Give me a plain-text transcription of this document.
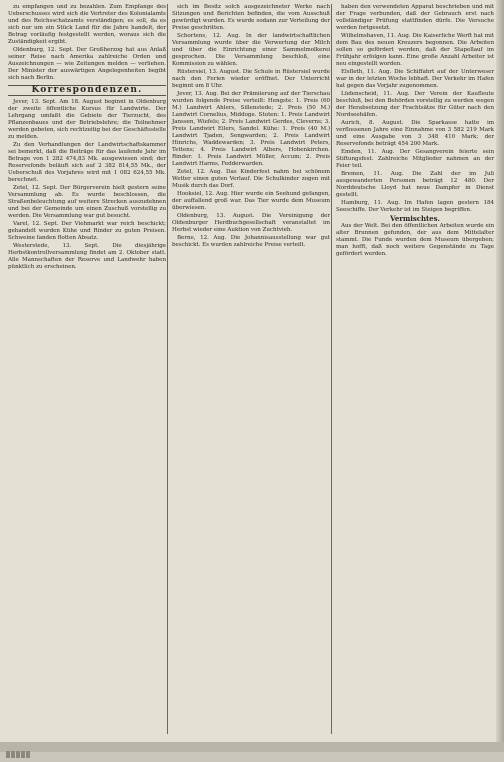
zu empfangen und zu bezahlen. Zum Empfange des Ueberschusses wird sich die Vertreter des Kolonialamts und des Reichsschatzamts verständigen; es soll, da es sich nur um ein Stück Land für die Jahre handelt, der Betrag vorläufig festgestellt werden, woraus sich die Zuständigkeit ergibt.

Oldenburg, 12. Sept. Der Großherzog hat aus Anlaß seiner Reise nach Amerika zahlreiche Orden und Auszeichnungen — wie Zeitungen melden — verliehen. Der Minister der auswärtigen Angelegenheiten begibt sich nach Berlin.

Korrespondenzen.

Jever, 13. Sept. Am 18. August beginnt in Oldenburg der zweite öffentliche Kursus für Landwirte. Der Lehrgang umfaßt die Gebiete der Tierzucht, des Pflanzenbaues und der Betriebslehre; die Teilnehmer werden gebeten, sich rechtzeitig bei der Geschäftsstelle zu melden.

Zu den Verhandlungen der Landwirtschaftskammer sei bemerkt, daß die Beiträge für das laufende Jahr im Betrage von 1 282 474,83 Mk. ausgewiesen sind; der Reservefonds beläuft sich auf 2 382 814,55 Mk., der Ueberschuß des Vorjahres wird mit 1 082 624,55 Mk. berechnet.

Zetel, 12. Sept. Der Bürgerverein hielt gestern seine Versammlung ab. Es wurde beschlossen, die Straßenbeleuchtung auf weitere Strecken auszudehnen und bei der Gemeinde um einen Zuschuß vorstellig zu werden. Die Versammlung war gut besucht.

Varel, 12. Sept. Der Viehmarkt war reich beschickt; gehandelt wurden Kühe und Rinder zu guten Preisen. Schweine fanden flotten Absatz.

Westerstede, 13. Sept. Die diesjährige Herbstkontrollversammlung findet am 2. Oktober statt. Alle Mannschaften der Reserve und Landwehr haben pünktlich zu erscheinen.

sich im Besitz solch ausgezeichneter Werke nach Sitzungen und Berichten befinden, die vom Ausschuß gewürdigt wurden. Es wurde sodann zur Verteilung der Preise geschritten.

Schortens, 12. Aug. In der landwirtschaftlichen Versammlung wurde über die Verwertung der Milch und über die Einrichtung einer Sammelmolkerei gesprochen. Die Versammlung beschloß, eine Kommission zu wählen.

Rüstersiel, 13. August. Die Schule in Rüstersiel wurde nach den Ferien wieder eröffnet. Der Unterricht beginnt um 8 Uhr.

Jever, 13. Aug. Bei der Prämiierung auf der Tierschau wurden folgende Preise verteilt: Hengste: 1. Preis (60 M.) Landwirt Ahlers, Sillenstede; 2. Preis (50 M.) Landwirt Cornelius, Middoge. Stuten: 1. Preis Landwirt Janssen, Wiefels; 2. Preis Landwirt Gerdes, Cleverns; 3. Preis Landwirt Eilers, Sandel. Kühe: 1. Preis (40 M.) Landwirt Tjaden, Sengwarden; 2. Preis Landwirt Hinrichs, Waddewarden; 3. Preis Landwirt Peters, Tettens; 4. Preis Landwirt Albers, Hohenkirchen. Rinder: 1. Preis Landwirt Müller, Accum; 2. Preis Landwirt Harms, Fedderwarden.

Zetel, 12. Aug. Das Kinderfest nahm bei schönem Wetter einen guten Verlauf. Die Schulkinder zogen mit Musik durch das Dorf.

Hooksiel, 12. Aug. Hier wurde ein Seehund gefangen, der auffallend groß war. Das Tier wurde dem Museum überwiesen.

Oldenburg, 13. August. Die Vereinigung der Oldenburger Herdbuchgesellschaft veranstaltet im Herbst wieder eine Auktion von Zuchtvieh.

Berne, 12. Aug. Die Johannisausstellung war gut beschickt. Es wurden zahlreiche Preise verteilt.

haben den verwendeten Apparat beschrieben und mit der Frage verbunden, daß der Gebrauch erst nach vollständiger Prüfung stattfinden dürfe. Die Versuche werden fortgesetzt.

Wilhelmshaven, 11. Aug. Die Kaiserliche Werft hat mit dem Bau des neuen Kreuzers begonnen. Die Arbeiten sollen so gefördert werden, daß der Stapellauf im Frühjahr erfolgen kann. Eine große Anzahl Arbeiter ist neu eingestellt worden.

Elsfleth, 11. Aug. Die Schiffahrt auf der Unterweser war in der letzten Woche lebhaft. Der Verkehr im Hafen hat gegen das Vorjahr zugenommen.

Lüdenscheid, 11. Aug. Der Verein der Kaufleute beschloß, bei den Behörden vorstellig zu werden wegen der Herabsetzung der Frachtsätze für Güter nach den Nordseehäfen.

Aurich, 8. August. Die Sparkasse hatte im verflossenen Jahre eine Einnahme von 3 582 219 Mark und eine Ausgabe von 3 348 410 Mark; der Reservefonds beträgt 454 200 Mark.

Emden, 11. Aug. Der Gesangverein feierte sein Stiftungsfest. Zahlreiche Mitglieder nahmen an der Feier teil.

Bremen, 11. Aug. Die Zahl der im Juli ausgewanderten Personen beträgt 12 480. Der Norddeutsche Lloyd hat neue Dampfer in Dienst gestellt.

Hamburg, 11. Aug. Im Hafen lagen gestern 184 Seeschiffe. Der Verkehr ist im Steigen begriffen.

Vermischtes.

Aus der Welt. Bei den öffentlichen Arbeiten wurde ein alter Brunnen gefunden, der aus dem Mittelalter stammt. Die Funde wurden dem Museum übergeben; man hofft, daß noch weitere Gegenstände zu Tage gefördert werden.
